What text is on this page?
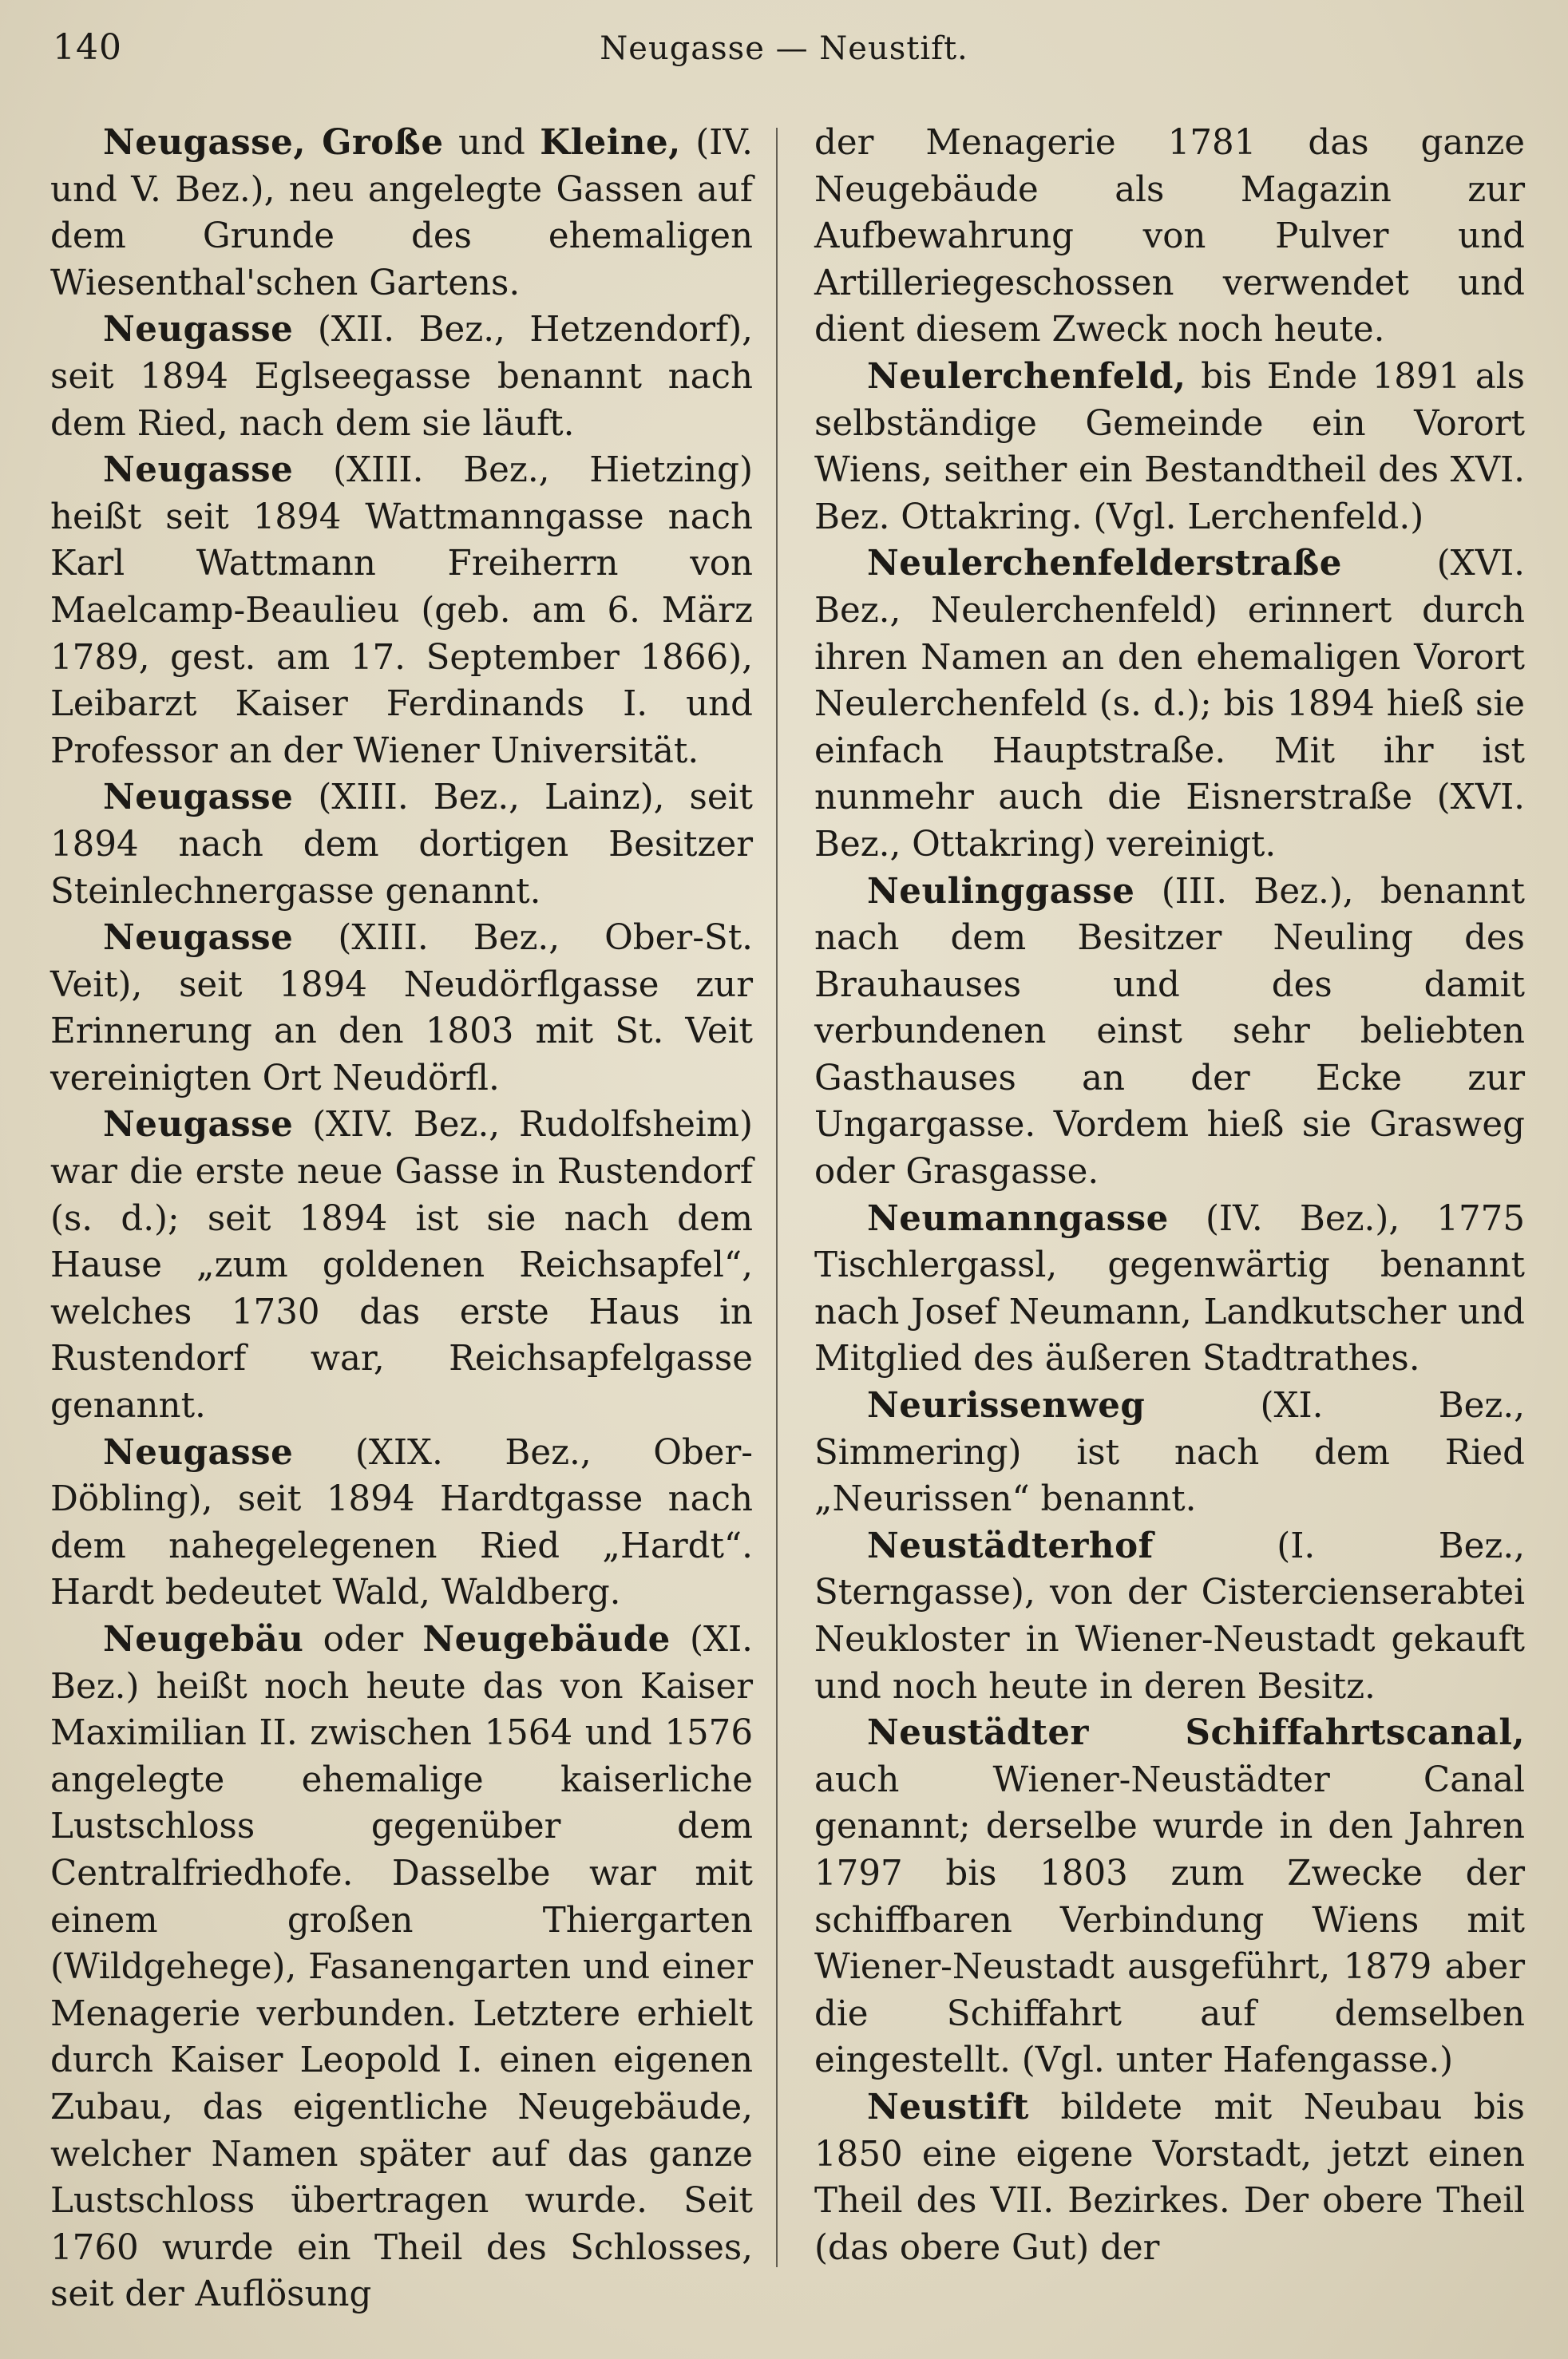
140	Neugasse — Neustift.

Neugasse, Große und Kleine, (IV. und V. Bez.), neu angelegte Gassen auf dem Grunde des ehemaligen Wiesenthal'schen Gartens.

Neugasse (XII. Bez., Hetzendorf), seit 1894 Eglseegasse benannt nach dem Ried, nach dem sie läuft.

Neugasse (XIII. Bez., Hietzing) heißt seit 1894 Wattmanngasse nach Karl Wattmann Freiherrn von Maelcamp-Beaulieu (geb. am 6. März 1789, gest. am 17. September 1866), Leibarzt Kaiser Ferdinands I. und Professor an der Wiener Universität.

Neugasse (XIII. Bez., Lainz), seit 1894 nach dem dortigen Besitzer Steinlechnergasse genannt.

Neugasse (XIII. Bez., Ober-St. Veit), seit 1894 Neudörflgasse zur Erinnerung an den 1803 mit St. Veit vereinigten Ort Neudörfl.

Neugasse (XIV. Bez., Rudolfsheim) war die erste neue Gasse in Rustendorf (s. d.); seit 1894 ist sie nach dem Hause „zum goldenen Reichsapfel“, welches 1730 das erste Haus in Rustendorf war, Reichsapfelgasse genannt.

Neugasse (XIX. Bez., Ober-Döbling), seit 1894 Hardtgasse nach dem nahegelegenen Ried „Hardt“. Hardt bedeutet Wald, Waldberg.

Neugebäu oder Neugebäude (XI. Bez.) heißt noch heute das von Kaiser Maximilian II. zwischen 1564 und 1576 angelegte ehemalige kaiserliche Lustschloss gegenüber dem Centralfriedhofe. Dasselbe war mit einem großen Thiergarten (Wildgehege), Fasanengarten und einer Menagerie verbunden. Letztere erhielt durch Kaiser Leopold I. einen eigenen Zubau, das eigentliche Neugebäude, welcher Namen später auf das ganze Lustschloss übertragen wurde. Seit 1760 wurde ein Theil des Schlosses, seit der Auflösung

der Menagerie 1781 das ganze Neugebäude als Magazin zur Aufbewahrung von Pulver und Artilleriegeschossen verwendet und dient diesem Zweck noch heute.

Neulerchenfeld, bis Ende 1891 als selbständige Gemeinde ein Vorort Wiens, seither ein Bestandtheil des XVI. Bez. Ottakring. (Vgl. Lerchenfeld.)

Neulerchenfelderstraße (XVI. Bez., Neulerchenfeld) erinnert durch ihren Namen an den ehemaligen Vorort Neulerchenfeld (s. d.); bis 1894 hieß sie einfach Hauptstraße. Mit ihr ist nunmehr auch die Eisnerstraße (XVI. Bez., Ottakring) vereinigt.

Neulinggasse (III. Bez.), benannt nach dem Besitzer Neuling des Brauhauses und des damit verbundenen einst sehr beliebten Gasthauses an der Ecke zur Ungargasse. Vordem hieß sie Grasweg oder Grasgasse.

Neumanngasse (IV. Bez.), 1775 Tischlergassl, gegenwärtig benannt nach Josef Neumann, Landkutscher und Mitglied des äußeren Stadtrathes.

Neurissenweg (XI. Bez., Simmering) ist nach dem Ried „Neurissen“ benannt.

Neustädterhof (I. Bez., Sterngasse), von der Cistercienserabtei Neukloster in Wiener-Neustadt gekauft und noch heute in deren Besitz.

Neustädter Schiffahrtscanal, auch Wiener-Neustädter Canal genannt; derselbe wurde in den Jahren 1797 bis 1803 zum Zwecke der schiffbaren Verbindung Wiens mit Wiener-Neustadt ausgeführt, 1879 aber die Schiffahrt auf demselben eingestellt. (Vgl. unter Hafengasse.)

Neustift bildete mit Neubau bis 1850 eine eigene Vorstadt, jetzt einen Theil des VII. Bezirkes. Der obere Theil (das obere Gut) der
